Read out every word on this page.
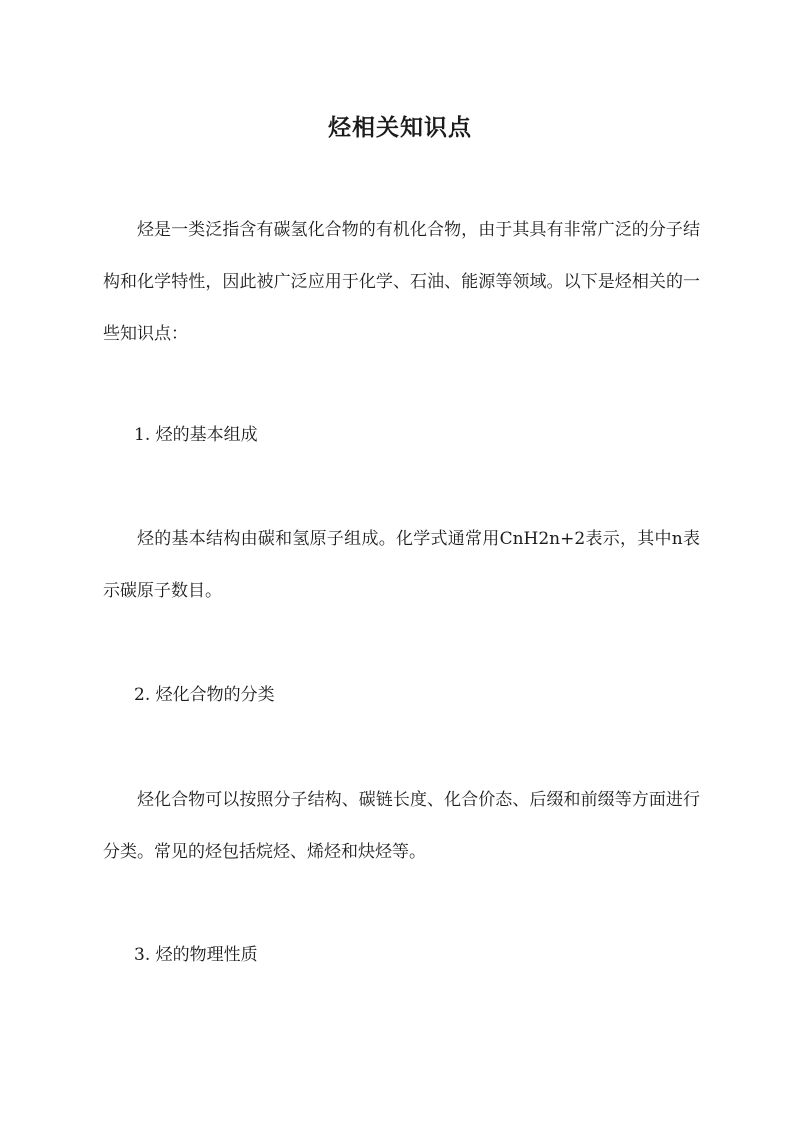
烃相关知识点

烃是一类泛指含有碳氢化合物的有机化合物，由于其具有非常广泛的分子结构和化学特性，因此被广泛应用于化学、石油、能源等领域。以下是烃相关的一些知识点：

1. 烃的基本组成

烃的基本结构由碳和氢原子组成。化学式通常用CnH2n+2表示，其中n表示碳原子数目。

2. 烃化合物的分类

烃化合物可以按照分子结构、碳链长度、化合价态、后缀和前缀等方面进行分类。常见的烃包括烷烃、烯烃和炔烃等。

3. 烃的物理性质
